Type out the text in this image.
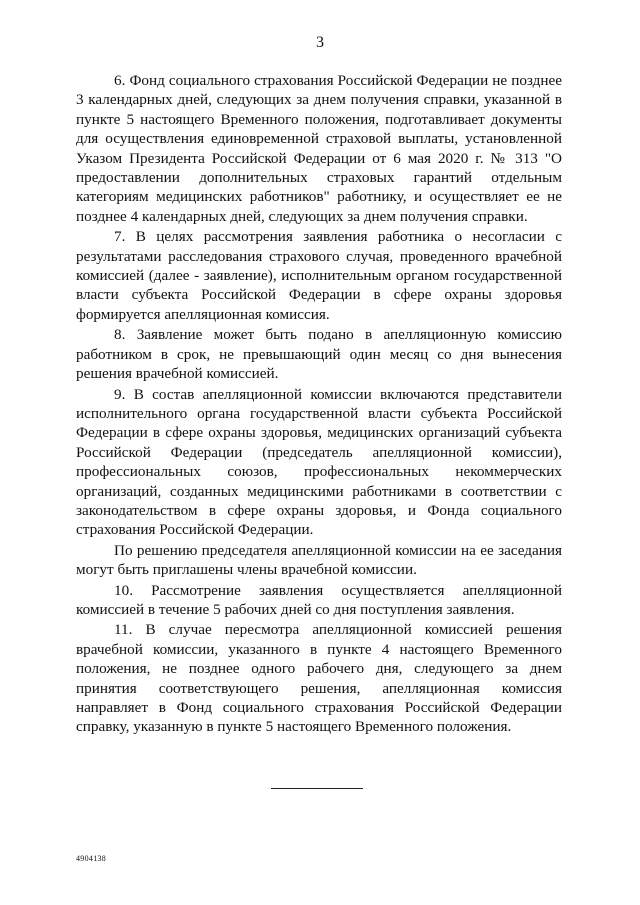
3

6. Фонд социального страхования Российской Федерации не позднее 3 календарных дней, следующих за днем получения справки, указанной в пункте 5 настоящего Временного положения, подготавливает документы для осуществления единовременной страховой выплаты, установленной Указом Президента Российской Федерации от 6 мая 2020 г. № 313 "О предоставлении дополнительных страховых гарантий отдельным категориям медицинских работников" работнику, и осуществляет ее не позднее 4 календарных дней, следующих за днем получения справки.

7. В целях рассмотрения заявления работника о несогласии с результатами расследования страхового случая, проведенного врачебной комиссией (далее - заявление), исполнительным органом государственной власти субъекта Российской Федерации в сфере охраны здоровья формируется апелляционная комиссия.

8. Заявление может быть подано в апелляционную комиссию работником в срок, не превышающий один месяц со дня вынесения решения врачебной комиссией.

9. В состав апелляционной комиссии включаются представители исполнительного органа государственной власти субъекта Российской Федерации в сфере охраны здоровья, медицинских организаций субъекта Российской Федерации (председатель апелляционной комиссии), профессиональных союзов, профессиональных некоммерческих организаций, созданных медицинскими работниками в соответствии с законодательством в сфере охраны здоровья, и Фонда социального страхования Российской Федерации.

По решению председателя апелляционной комиссии на ее заседания могут быть приглашены члены врачебной комиссии.

10. Рассмотрение заявления осуществляется апелляционной комиссией в течение 5 рабочих дней со дня поступления заявления.

11. В случае пересмотра апелляционной комиссией решения врачебной комиссии, указанного в пункте 4 настоящего Временного положения, не позднее одного рабочего дня, следующего за днем принятия соответствующего решения, апелляционная комиссия направляет в Фонд социального страхования Российской Федерации справку, указанную в пункте 5 настоящего Временного положения.

4904138
